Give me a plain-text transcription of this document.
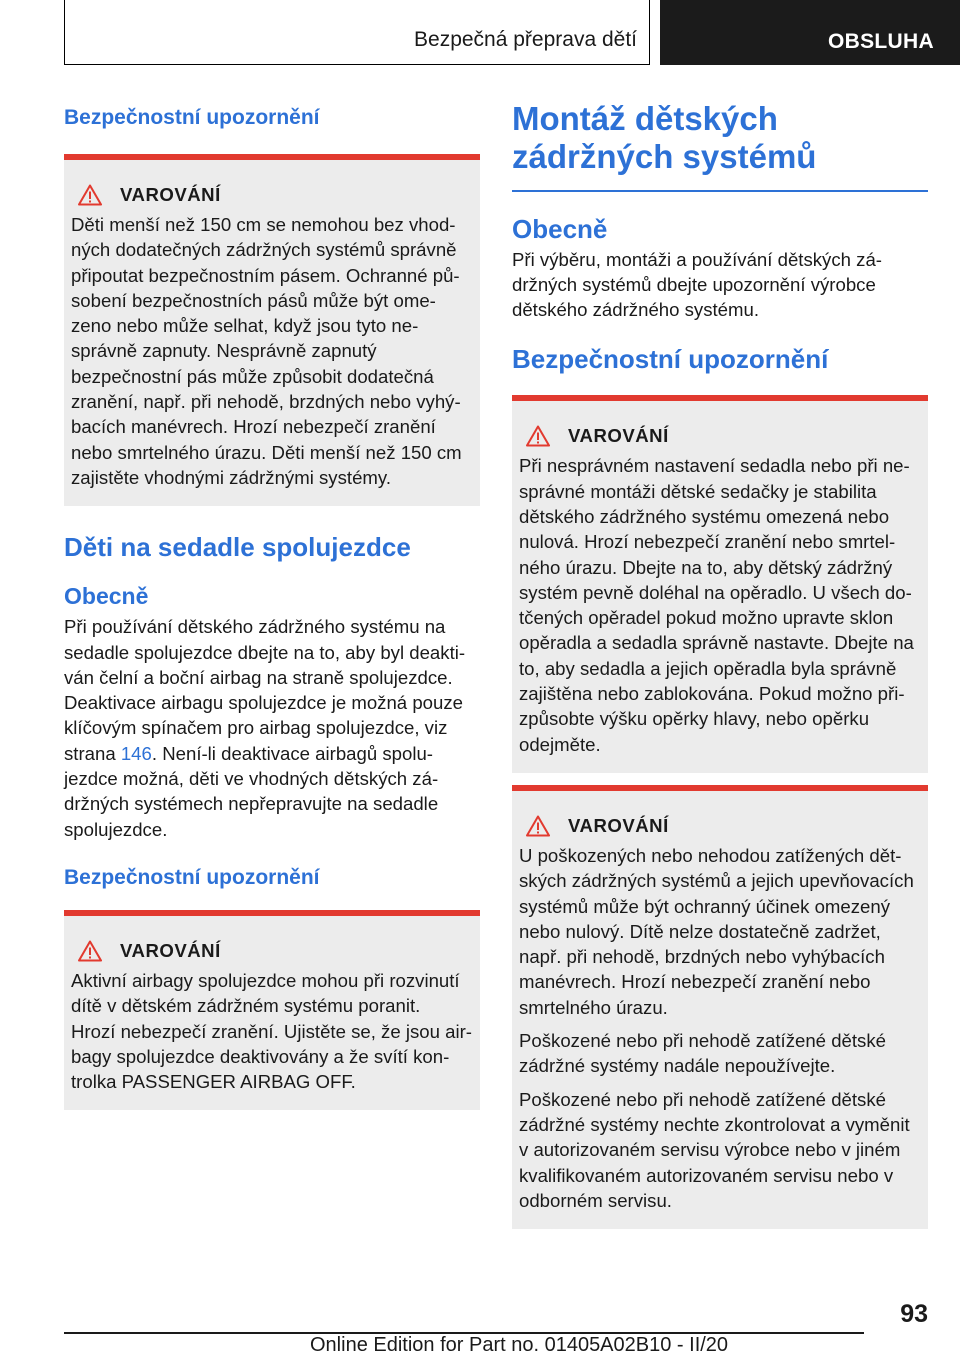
Bezpečná přeprava dětí	OBSLUHA
Bezpečnostní upozornění
VAROVÁNÍ
Děti menší než 150 cm se nemohou bez vhod-
ných dodatečných zádržných systémů správně
připoutat bezpečnostním pásem. Ochranné pů-
sobení bezpečnostních pásů může být ome-
zeno nebo může selhat, když jsou tyto ne-
správně zapnuty. Nesprávně zapnutý
bezpečnostní pás může způsobit dodatečná
zranění, např. při nehodě, brzdných nebo vyhý-
bacích manévrech. Hrozí nebezpečí zranění
nebo smrtelného úrazu. Děti menší než 150 cm
zajistěte vhodnými zádržnými systémy.
Děti na sedadle spolujezdce
Obecně
Při používání dětského zádržného systému na
sedadle spolujezdce dbejte na to, aby byl deakti-
ván čelní a boční airbag na straně spolujezdce.
Deaktivace airbagu spolujezdce je možná pouze
klíčovým spínačem pro airbag spolujezdce, viz
strana 146. Není-li deaktivace airbagů spolu-
jezdce možná, děti ve vhodných dětských zá-
držných systémech nepřepravujte na sedadle
spolujezdce.
Bezpečnostní upozornění
VAROVÁNÍ
Aktivní airbagy spolujezdce mohou při rozvinutí
dítě v dětském zádržném systému poranit.
Hrozí nebezpečí zranění. Ujistěte se, že jsou air-
bagy spolujezdce deaktivovány a že svítí kon-
trolka PASSENGER AIRBAG OFF.
Montáž dětských
zádržných systémů
Obecně
Při výběru, montáži a používání dětských zá-
držných systémů dbejte upozornění výrobce
dětského zádržného systému.
Bezpečnostní upozornění
VAROVÁNÍ
Při nesprávném nastavení sedadla nebo při ne-
správné montáži dětské sedačky je stabilita
dětského zádržného systému omezená nebo
nulová. Hrozí nebezpečí zranění nebo smrtel-
ného úrazu. Dbejte na to, aby dětský zádržný
systém pevně doléhal na opěradlo. U všech do-
tčených opěradel pokud možno upravte sklon
opěradla a sedadla správně nastavte. Dbejte na
to, aby sedadla a jejich opěradla byla správně
zajištěna nebo zablokována. Pokud možno při-
způsobte výšku opěrky hlavy, nebo opěrku
odejměte.
VAROVÁNÍ
U poškozených nebo nehodou zatížených dět-
ských zádržných systémů a jejich upevňovacích
systémů může být ochranný účinek omezený
nebo nulový. Dítě nelze dostatečně zadržet,
např. při nehodě, brzdných nebo vyhýbacích
manévrech. Hrozí nebezpečí zranění nebo
smrtelného úrazu.
Poškozené nebo při nehodě zatížené dětské
zádržné systémy nadále nepoužívejte.
Poškozené nebo při nehodě zatížené dětské
zádržné systémy nechte zkontrolovat a vyměnit
v autorizovaném servisu výrobce nebo v jiném
kvalifikovaném autorizovaném servisu nebo v
odborném servisu.
93
Online Edition for Part no. 01405A02B10 - II/20
